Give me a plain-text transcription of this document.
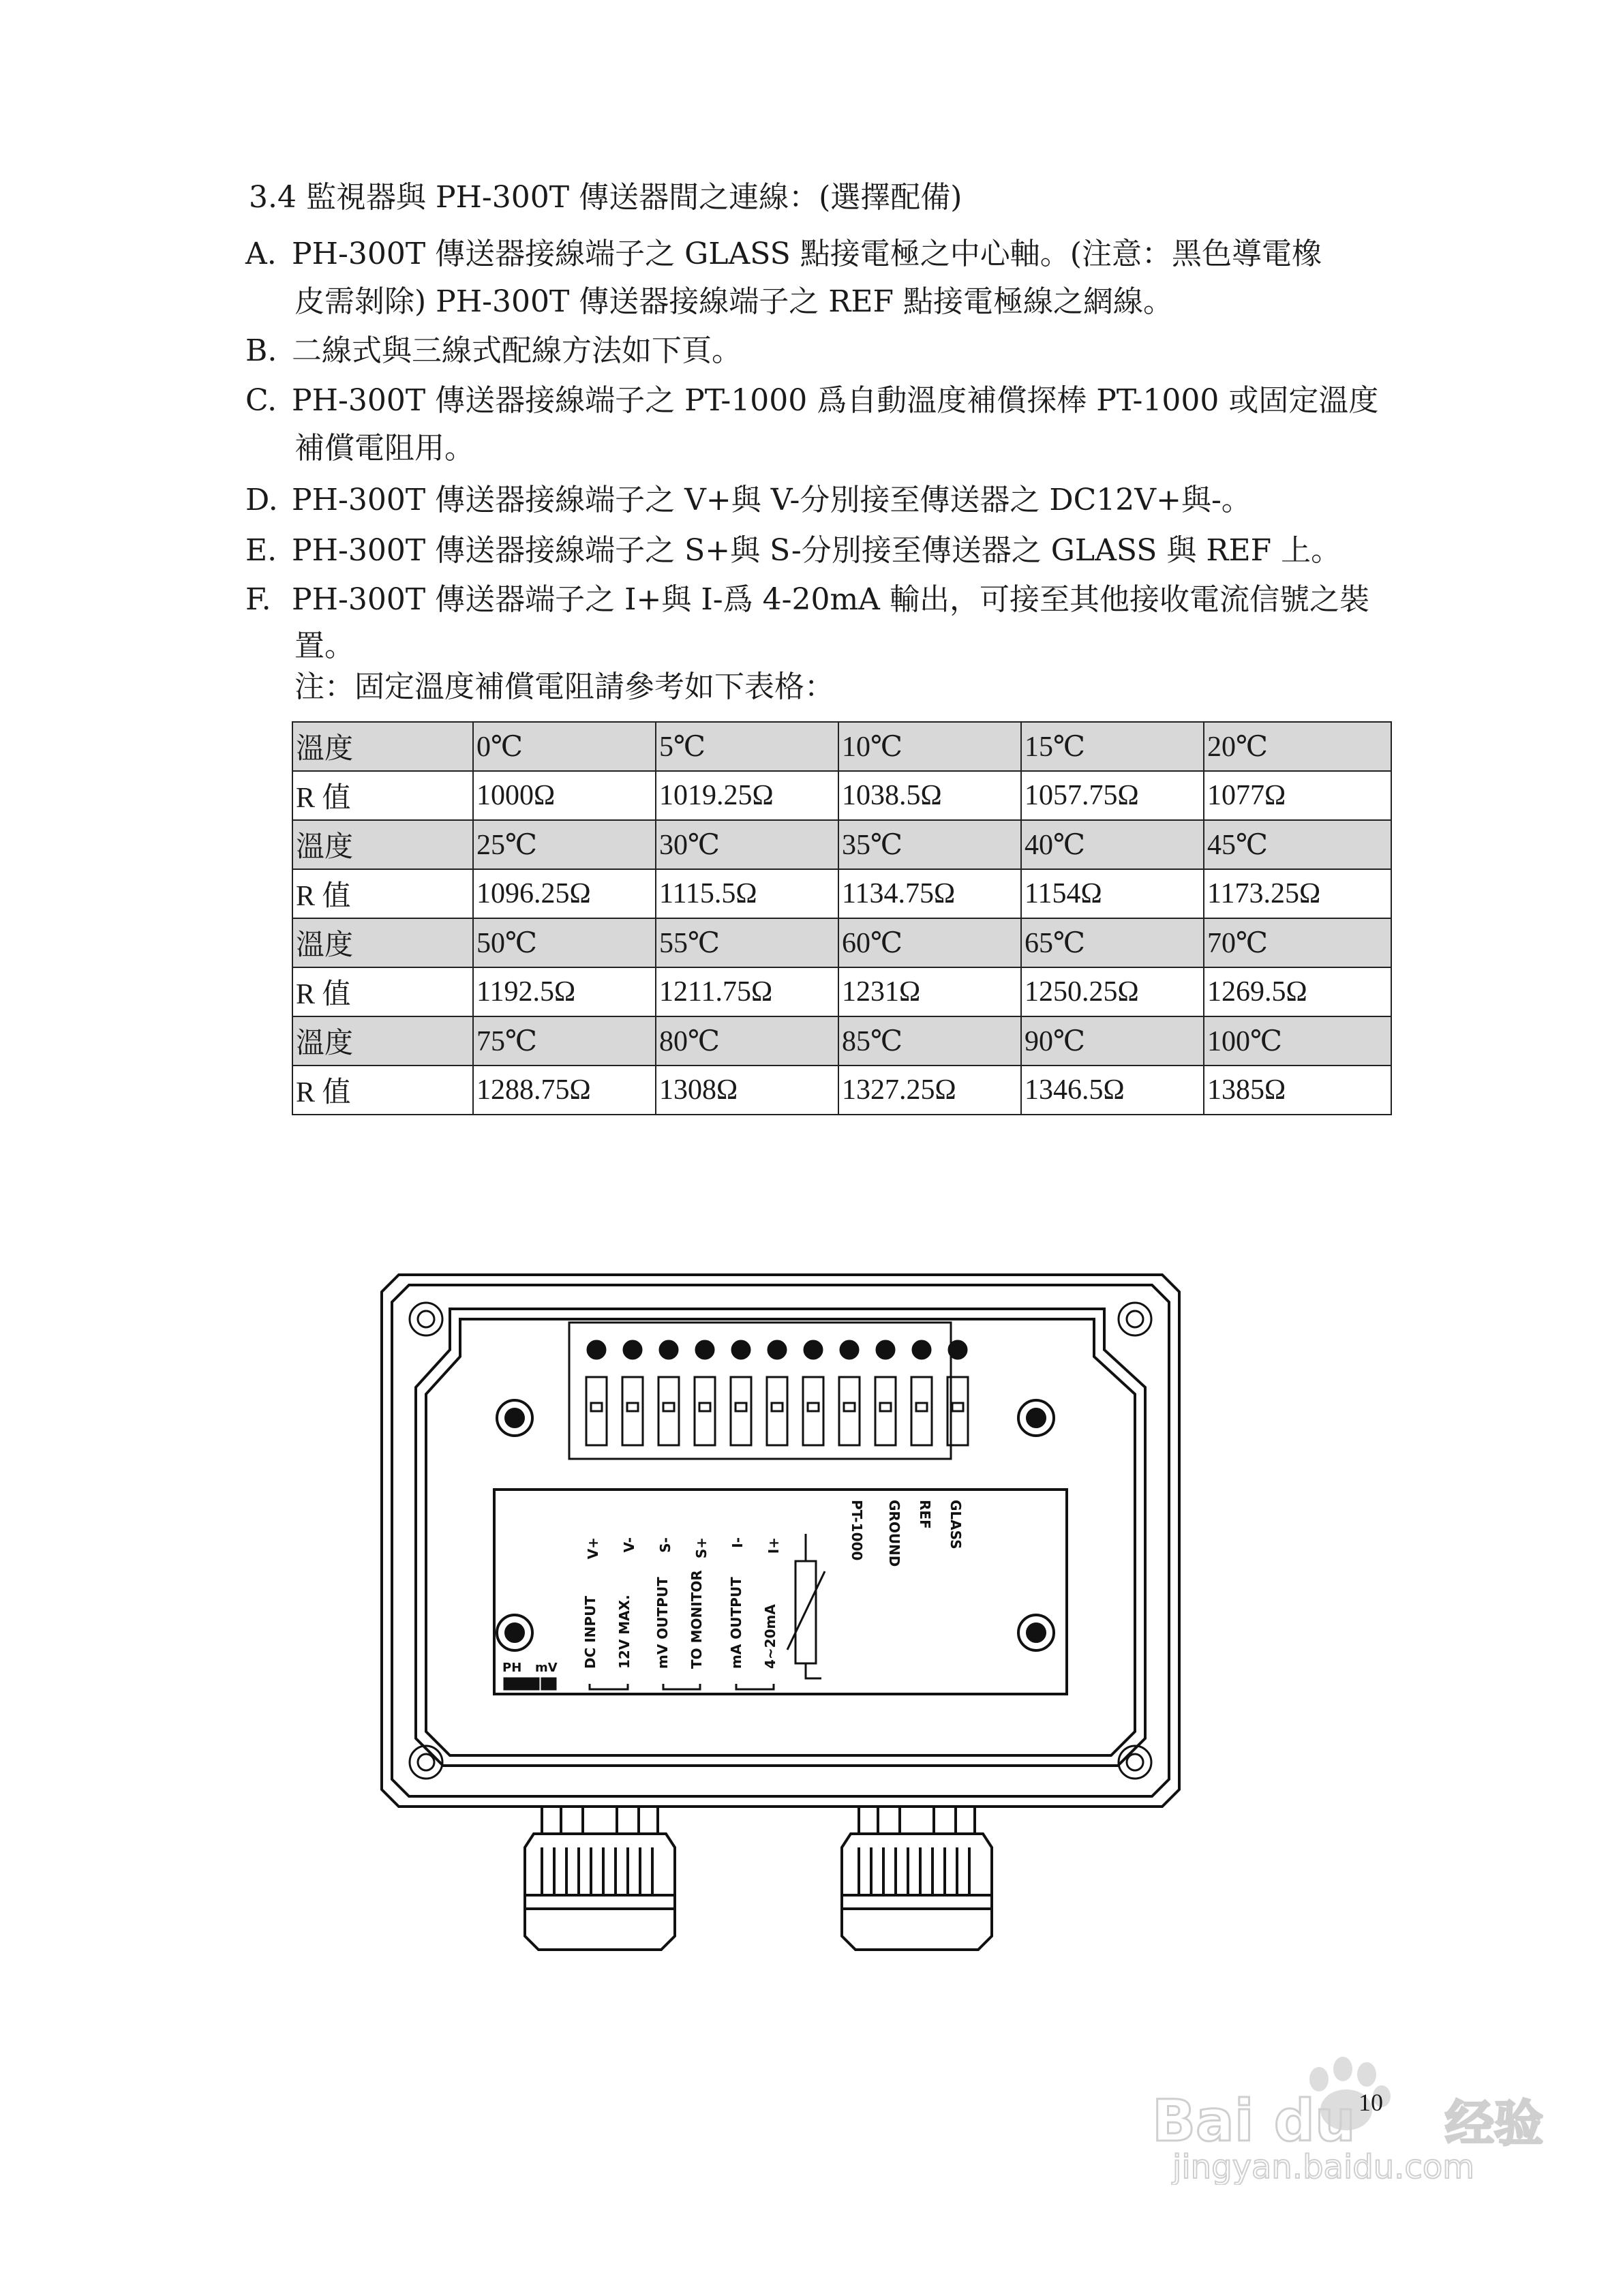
3.4 監視器與 PH-300T 傳送器間之連線：(選擇配備)
A. PH-300T 傳送器接線端子之 GLASS 點接電極之中心軸。(注意：黑色導電橡
皮需剝除) PH-300T 傳送器接線端子之 REF 點接電極線之網線。
B. 二線式與三線式配線方法如下頁。
C. PH-300T 傳送器接線端子之 PT-1000 爲自動溫度補償探棒 PT-1000 或固定溫度
補償電阻用。
D. PH-300T 傳送器接線端子之 V+與 V-分別接至傳送器之 DC12V+與-。
E. PH-300T 傳送器接線端子之 S+與 S-分別接至傳送器之 GLASS 與 REF 上。
F. PH-300T 傳送器端子之 I+與 I-爲 4-20mA 輸出，可接至其他接收電流信號之裝
置。
注：固定溫度補償電阻請參考如下表格：
溫度	0℃	5℃	10℃	15℃	20℃
R 值	1000Ω	1019.25Ω	1038.5Ω	1057.75Ω	1077Ω
溫度	25℃	30℃	35℃	40℃	45℃
R 值	1096.25Ω	1115.5Ω	1134.75Ω	1154Ω	1173.25Ω
溫度	50℃	55℃	60℃	65℃	70℃
R 值	1192.5Ω	1211.75Ω	1231Ω	1250.25Ω	1269.5Ω
溫度	75℃	80℃	85℃	90℃	100℃
R 值	1288.75Ω	1308Ω	1327.25Ω	1346.5Ω	1385Ω
V+ V- S- S+ I- I+	PT-1000 GROUND REF GLASS
DC INPUT 12V MAX. mV OUTPUT TO MONITOR mA OUTPUT 4~20mA
PH mV
Bai du 经验
jingyan.baidu.com
10
